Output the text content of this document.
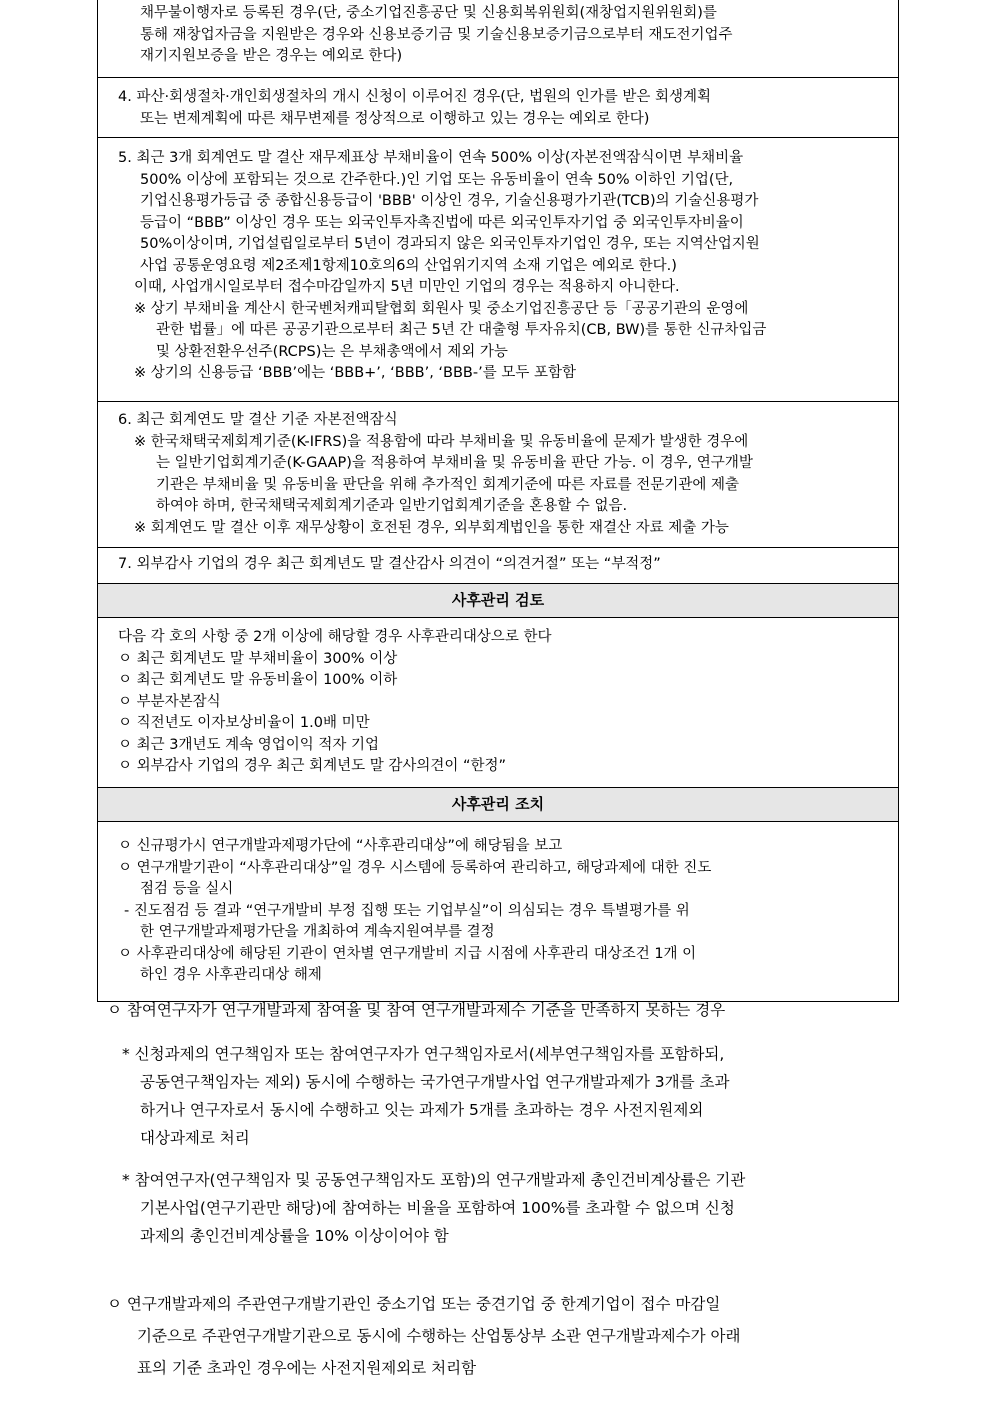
채무불이행자로 등록된 경우(단, 중소기업진흥공단 및 신용회복위원회(재창업지원위원회)를
통해 재창업자금을 지원받은 경우와 신용보증기금 및 기술신용보증기금으로부터 재도전기업주
재기지원보증을 받은 경우는 예외로 한다)
4. 파산·회생절차·개인회생절차의 개시 신청이 이루어진 경우(단, 법원의 인가를 받은 회생계획
또는 변제계획에 따른 채무변제를 정상적으로 이행하고 있는 경우는 예외로 한다)
5. 최근 3개 회계연도 말 결산 재무제표상 부채비율이 연속 500% 이상(자본전액잠식이면 부채비율
500% 이상에 포함되는 것으로 간주한다.)인 기업 또는 유동비율이 연속 50% 이하인 기업(단,
기업신용평가등급 중 종합신용등급이 'BBB' 이상인 경우, 기술신용평가기관(TCB)의 기술신용평가
등급이 “BBB” 이상인 경우 또는 외국인투자촉진법에 따른 외국인투자기업 중 외국인투자비율이
50%이상이며, 기업설립일로부터 5년이 경과되지 않은 외국인투자기업인 경우, 또는 지역산업지원
사업 공통운영요령 제2조제1항제10호의6의 산업위기지역 소재 기업은 예외로 한다.)
이때, 사업개시일로부터 접수마감일까지 5년 미만인 기업의 경우는 적용하지 아니한다.
※ 상기 부채비율 계산시 한국벤처캐피탈협회 회원사 및 중소기업진흥공단 등「공공기관의 운영에
관한 법률」에 따른 공공기관으로부터 최근 5년 간 대출형 투자유치(CB, BW)를 통한 신규차입금
및 상환전환우선주(RCPS)는 은 부채총액에서 제외 가능
※ 상기의 신용등급 ‘BBB’에는 ‘BBB+’, ‘BBB’, ‘BBB-’를 모두 포함함
6. 최근 회계연도 말 결산 기준 자본전액잠식
※ 한국채택국제회계기준(K-IFRS)을 적용함에 따라 부채비율 및 유동비율에 문제가 발생한 경우에
는 일반기업회계기준(K-GAAP)을 적용하여 부채비율 및 유동비율 판단 가능. 이 경우, 연구개발
기관은 부채비율 및 유동비율 판단을 위해 추가적인 회계기준에 따른 자료를 전문기관에 제출
하여야 하며, 한국채택국제회계기준과 일반기업회계기준을 혼용할 수 없음.
※ 회계연도 말 결산 이후 재무상황이 호전된 경우, 외부회계법인을 통한 재결산 자료 제출 가능
7. 외부감사 기업의 경우 최근 회계년도 말 결산감사 의견이 “의견거절” 또는 “부적정”
사후관리 검토
다음 각 호의 사항 중 2개 이상에 해당할 경우 사후관리대상으로 한다
ㅇ 최근 회계년도 말 부채비율이 300% 이상
ㅇ 최근 회계년도 말 유동비율이 100% 이하
ㅇ 부분자본잠식
ㅇ 직전년도 이자보상비율이 1.0배 미만
ㅇ 최근 3개년도 계속 영업이익 적자 기업
ㅇ 외부감사 기업의 경우 최근 회계년도 말 감사의견이 “한정”
사후관리 조치
ㅇ 신규평가시 연구개발과제평가단에 “사후관리대상”에 해당됨을 보고
ㅇ 연구개발기관이 “사후관리대상”일 경우 시스템에 등록하여 관리하고, 해당과제에 대한 진도
점검 등을 실시
- 진도점검 등 결과 “연구개발비 부정 집행 또는 기업부실”이 의심되는 경우 특별평가를 위
한 연구개발과제평가단을 개최하여 계속지원여부를 결정
ㅇ 사후관리대상에 해당된 기관이 연차별 연구개발비 지급 시점에 사후관리 대상조건 1개 이
하인 경우 사후관리대상 해제
ㅇ 참여연구자가 연구개발과제 참여율 및 참여 연구개발과제수 기준을 만족하지 못하는 경우
* 신청과제의 연구책임자 또는 참여연구자가 연구책임자로서(세부연구책임자를 포함하되,
공동연구책임자는 제외) 동시에 수행하는 국가연구개발사업 연구개발과제가 3개를 초과
하거나 연구자로서 동시에 수행하고 잇는 과제가 5개를 초과하는 경우 사전지원제외
대상과제로 처리
* 참여연구자(연구책임자 및 공동연구책임자도 포함)의 연구개발과제 총인건비계상률은 기관
기본사업(연구기관만 해당)에 참여하는 비율을 포함하여 100%를 초과할 수 없으며 신청
과제의 총인건비계상률을 10% 이상이어야 함
ㅇ 연구개발과제의 주관연구개발기관인 중소기업 또는 중견기업 중 한계기업이 접수 마감일
기준으로 주관연구개발기관으로 동시에 수행하는 산업통상부 소관 연구개발과제수가 아래
표의 기준 초과인 경우에는 사전지원제외로 처리함
